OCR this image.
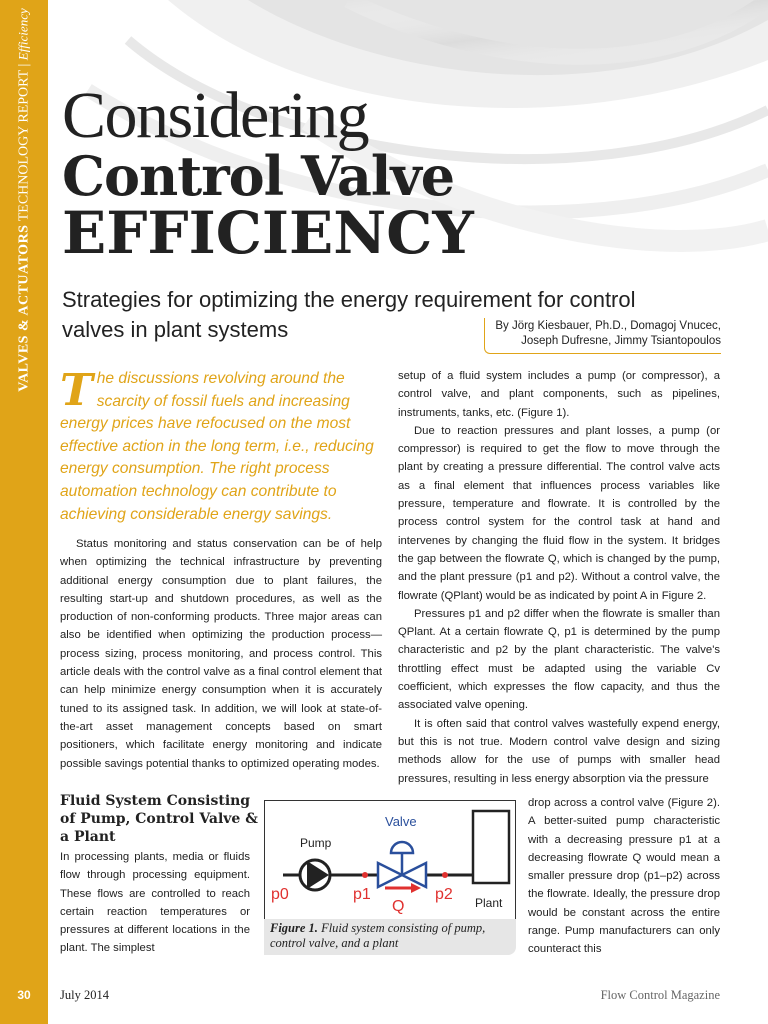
VALVES & ACTUATORS TECHNOLOGY REPORT | Efficiency
Considering
Control Valve
EFFICIENCY
Strategies for optimizing the energy requirement for control valves in plant systems	By Jörg Kiesbauer, Ph.D., Domagoj Vnucec,
Joseph Dufresne, Jimmy Tsiantopoulos
The discussions revolving around the scarcity of fossil fuels and increasing energy prices have refocused on the most effective action in the long term, i.e., reducing energy consumption. The right process automation technology can contribute to achieving considerable energy savings.

Status monitoring and status conservation can be of help when optimizing the technical infrastructure by preventing additional energy consumption due to plant failures, the resulting start-up and shutdown procedures, as well as the production of non-conforming products. Three major areas can also be identified when optimizing the production process—process sizing, process monitoring, and process control. This article deals with the control valve as a final control element that can help minimize energy consumption when it is accurately tuned to its assigned task. In addition, we will look at state-of-the-art asset management concepts based on smart positioners, which facilitate energy monitoring and indicate possible savings potential thanks to optimized operating modes.

Fluid System Consisting of Pump, Control Valve & a Plant

In processing plants, media or fluids flow through processing equipment. These flows are controlled to reach certain reaction temperatures or pressures at different locations in the plant. The simplest

setup of a fluid system includes a pump (or compressor), a control valve, and plant components, such as pipelines, instruments, tanks, etc. (Figure 1).

Due to reaction pressures and plant losses, a pump (or compressor) is required to get the flow to move through the plant by creating a pressure differential. The control valve acts as a final element that influences process variables like pressure, temperature and flowrate. It is controlled by the process control system for the control task at hand and intervenes by changing the fluid flow in the system. It bridges the gap between the flowrate Q, which is changed by the pump, and the plant pressure (p1 and p2). Without a control valve, the flowrate (QPlant) would be as indicated by point A in Figure 2.

Pressures p1 and p2 differ when the flowrate is smaller than QPlant. At a certain flowrate Q, p1 is determined by the pump characteristic and p2 by the plant characteristic. The valve's throttling effect must be adapted using the variable Cv coefficient, which expresses the flow capacity, and thus the associated valve opening.

It is often said that control valves wastefully expend energy, but this is not true. Modern control valve design and sizing methods allow for the use of pumps with smaller head pressures, resulting in less energy absorption via the pressure

drop across a control valve (Figure 2). A better-suited pump characteristic with a decreasing pressure p1 at a decreasing flowrate Q would mean a smaller pressure drop (p1–p2) across the flowrate. Ideally, the pressure drop would be constant across the entire range. Pump manufacturers can only counteract this

Pump
Valve
p0	p1	p2
Q	Plant
Figure 1. Fluid system consisting of pump, control valve, and a plant
30	July 2014	Flow Control Magazine
